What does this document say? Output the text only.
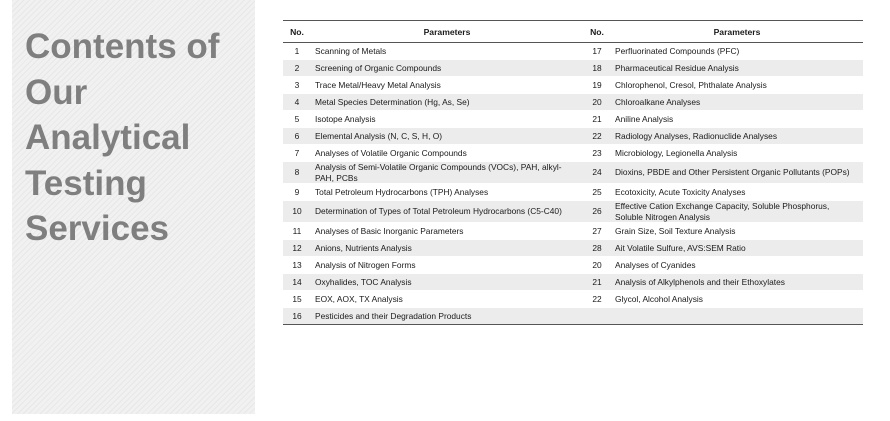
Contents of
Our
Analytical
Testing
Services
No.	Parameters	No.	Parameters
1	Scanning of Metals	17	Perfluorinated Compounds (PFC)
2	Screening of Organic Compounds	18	Pharmaceutical Residue Analysis
3	Trace Metal/Heavy Metal Analysis	19	Chlorophenol, Cresol, Phthalate Analysis
4	Metal Species Determination (Hg, As, Se)	20	Chloroalkane Analyses
5	Isotope Analysis	21	Aniline Analysis
6	Elemental Analysis (N, C, S, H, O)	22	Radiology Analyses, Radionuclide Analyses
7	Analyses of Volatile Organic Compounds	23	Microbiology, Legionella Analysis
8	Analysis of Semi-Volatile Organic Compounds (VOCs), PAH, alkyl-PAH, PCBs	24	Dioxins, PBDE and Other Persistent Organic Pollutants (POPs)
9	Total Petroleum Hydrocarbons (TPH) Analyses	25	Ecotoxicity, Acute Toxicity Analyses
10	Determination of Types of Total Petroleum Hydrocarbons (C5-C40)	26	Effective Cation Exchange Capacity, Soluble Phosphorus, Soluble Nitrogen Analysis
11	Analyses of Basic Inorganic Parameters	27	Grain Size, Soil Texture Analysis
12	Anions, Nutrients Analysis	28	Ait Volatile Sulfure, AVS:SEM Ratio
13	Analysis of Nitrogen Forms	20	Analyses of Cyanides
14	Oxyhalides, TOC Analysis	21	Analysis of Alkylphenols and their Ethoxylates
15	EOX, AOX, TX Analysis	22	Glycol, Alcohol Analysis
16	Pesticides and their Degradation Products		
